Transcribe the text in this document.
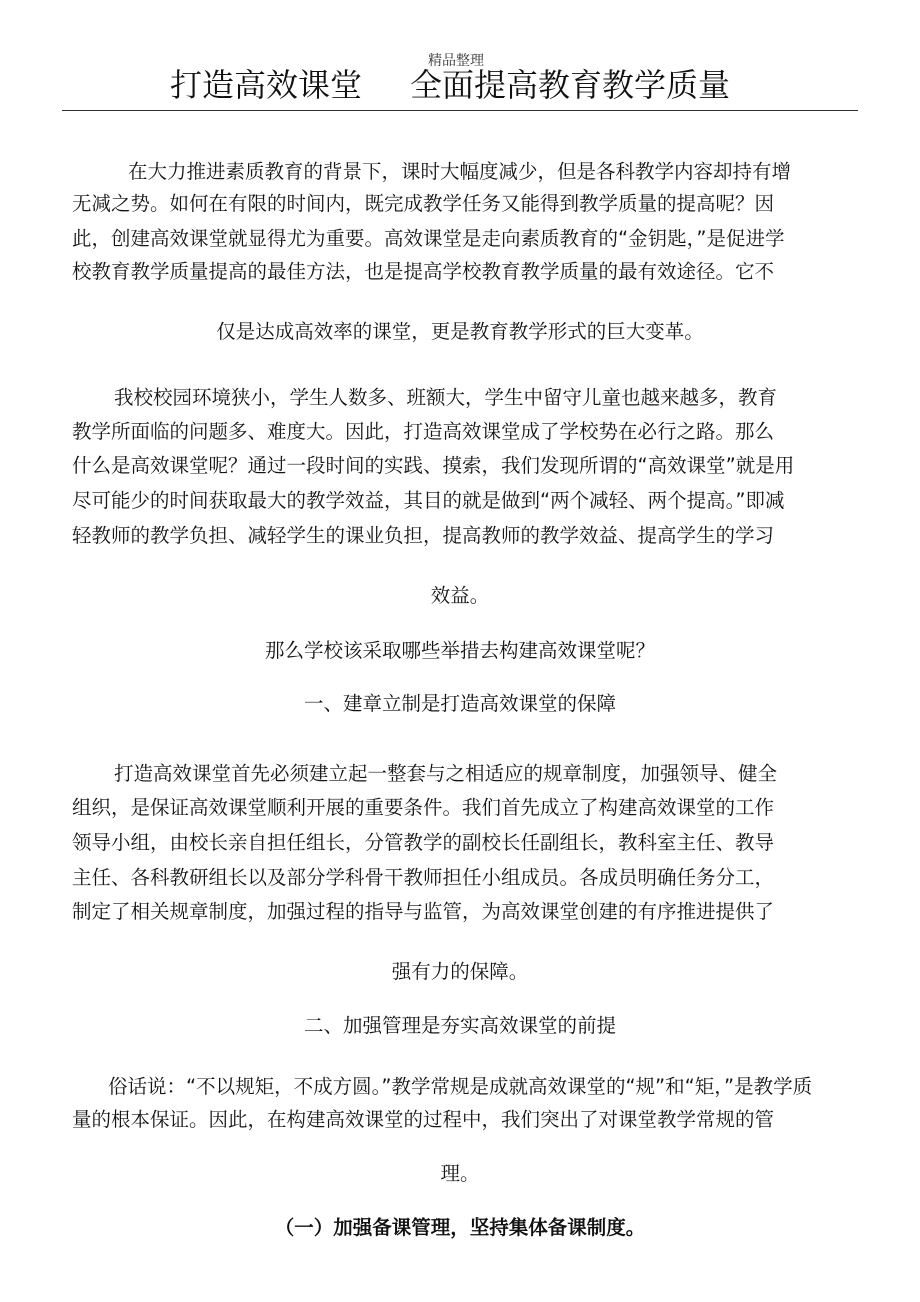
精品整理
打造高效课堂 全面提高教育教学质量
在大力推进素质教育的背景下，课时大幅度减少，但是各科教学内容却持有增
无减之势。如何在有限的时间内，既完成教学任务又能得到教学质量的提高呢？因
此，创建高效课堂就显得尤为重要。高效课堂是走向素质教育的“金钥匙，”是促进学
校教育教学质量提高的最佳方法，也是提高学校教育教学质量的最有效途径。它不
仅是达成高效率的课堂，更是教育教学形式的巨大变革。
我校校园环境狭小，学生人数多、班额大，学生中留守儿童也越来越多，教育
教学所面临的问题多、难度大。因此，打造高效课堂成了学校势在必行之路。那么
什么是高效课堂呢？通过一段时间的实践、摸索，我们发现所谓的“高效课堂”就是用
尽可能少的时间获取最大的教学效益，其目的就是做到“两个减轻、两个提高。”即减
轻教师的教学负担、减轻学生的课业负担，提高教师的教学效益、提高学生的学习
效益。
那么学校该采取哪些举措去构建高效课堂呢？
一、建章立制是打造高效课堂的保障
打造高效课堂首先必须建立起一整套与之相适应的规章制度，加强领导、健全
组织，是保证高效课堂顺利开展的重要条件。我们首先成立了构建高效课堂的工作
领导小组，由校长亲自担任组长，分管教学的副校长任副组长，教科室主任、教导
主任、各科教研组长以及部分学科骨干教师担任小组成员。各成员明确任务分工，
制定了相关规章制度，加强过程的指导与监管，为高效课堂创建的有序推进提供了
强有力的保障。
二、加强管理是夯实高效课堂的前提
俗话说：“不以规矩，不成方圆。”教学常规是成就高效课堂的“规”和“矩，”是教学质
量的根本保证。因此，在构建高效课堂的过程中，我们突出了对课堂教学常规的管
理。
（一）加强备课管理，坚持集体备课制度。
